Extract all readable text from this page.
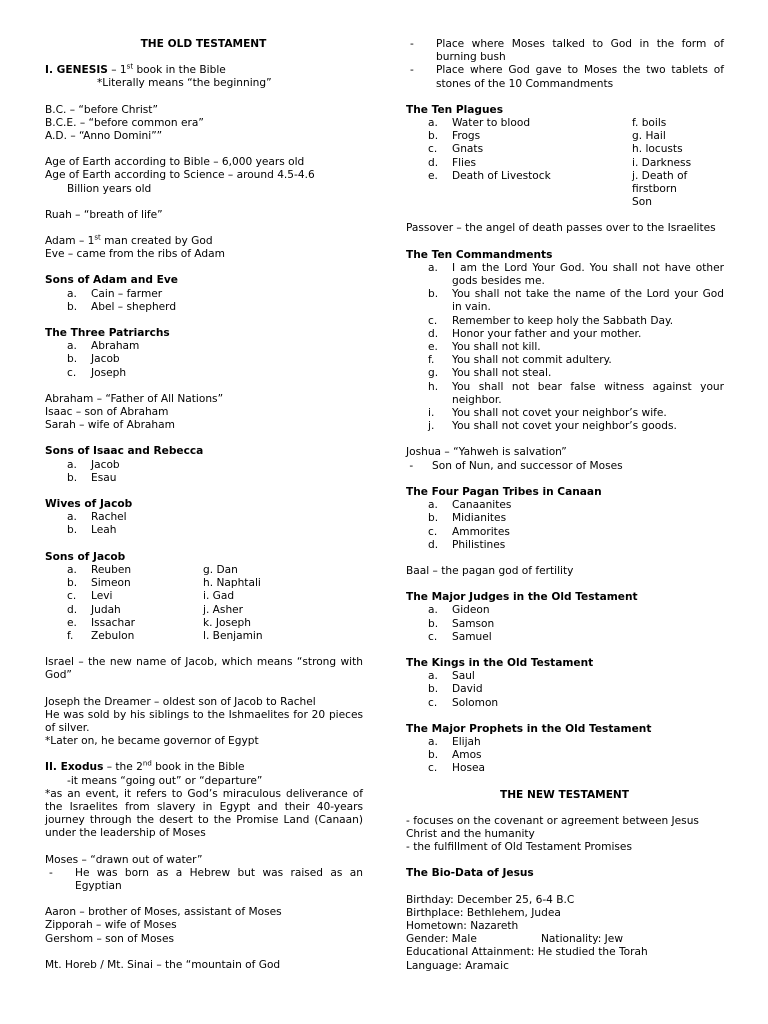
THE OLD TESTAMENT

I. GENESIS – 1st book in the Bible

*Literally means “the beginning”

B.C. – “before Christ”

B.C.E. – “before common era”

A.D. – “Anno Domini””

Age of Earth according to Bible – 6,000 years old

Age of Earth according to Science – around 4.5-4.6

Billion years old

Ruah – “breath of life”

Adam – 1st man created by God

Eve – came from the ribs of Adam

Sons of Adam and Eve

a.	Cain – farmer
b.	Abel – shepherd

The Three Patriarchs

a.	Abraham
b.	Jacob
c.	Joseph

Abraham – “Father of All Nations”

Isaac – son of Abraham

Sarah – wife of Abraham

Sons of Isaac and Rebecca

a.	Jacob
b.	Esau

Wives of Jacob

a.	Rachel
b.	Leah

Sons of Jacob

a.	Reuben	g. Dan
b.	Simeon	h. Naphtali
c.	Levi	i. Gad
d.	Judah	j. Asher
e.	Issachar	k. Joseph
f.	Zebulon	l. Benjamin

Israel – the new name of Jacob, which means “strong with God”

Joseph the Dreamer – oldest son of Jacob to Rachel

He was sold by his siblings to the Ishmaelites for 20 pieces of silver.

*Later on, he became governor of Egypt

II. Exodus – the 2nd book in the Bible

-it means “going out” or “departure”

*as an event, it refers to God’s miraculous deliverance of the Israelites from slavery in Egypt and their 40-years journey through the desert to the Promise Land (Canaan) under the leadership of Moses

Moses – “drawn out of water”

-	He was born as a Hebrew but was raised as an Egyptian

Aaron – brother of Moses, assistant of Moses

Zipporah – wife of Moses

Gershom – son of Moses

Mt. Horeb / Mt. Sinai – the “mountain of God

-	Place where Moses talked to God in the form of burning bush
-	Place where God gave to Moses the two tablets of stones of the 10 Commandments

The Ten Plagues

a.	Water to blood	f. boils
b.	Frogs	g. Hail
c.	Gnats	h. locusts
d.	Flies	i. Darkness
e.	Death of Livestock	j. Death of firstborn

Son

Passover – the angel of death passes over to the Israelites

The Ten Commandments

a.	I am the Lord Your God. You shall not have other gods besides me.
b.	You shall not take the name of the Lord your God in vain.
c.	Remember to keep holy the Sabbath Day.
d.	Honor your father and your mother.
e.	You shall not kill.
f.	You shall not commit adultery.
g.	You shall not steal.
h.	You shall not bear false witness against your neighbor.
i.	You shall not covet your neighbor’s wife.
j.	You shall not covet your neighbor’s goods.

Joshua – “Yahweh is salvation”

-	Son of Nun, and successor of Moses

The Four Pagan Tribes in Canaan

a.	Canaanites
b.	Midianites
c.	Ammorites
d.	Philistines

Baal – the pagan god of fertility

The Major Judges in the Old Testament

a.	Gideon
b.	Samson
c.	Samuel

The Kings in the Old Testament

a.	Saul
b.	David
c.	Solomon

The Major Prophets in the Old Testament

a.	Elijah
b.	Amos
c.	Hosea

THE NEW TESTAMENT

- focuses on the covenant or agreement between Jesus Christ and the humanity

- the fulfillment of Old Testament Promises

The Bio-Data of Jesus

Birthday: December 25, 6-4 B.C

Birthplace: Bethlehem, Judea

Hometown: Nazareth

Gender: Male	Nationality: Jew

Educational Attainment: He studied the Torah

Language: Aramaic
